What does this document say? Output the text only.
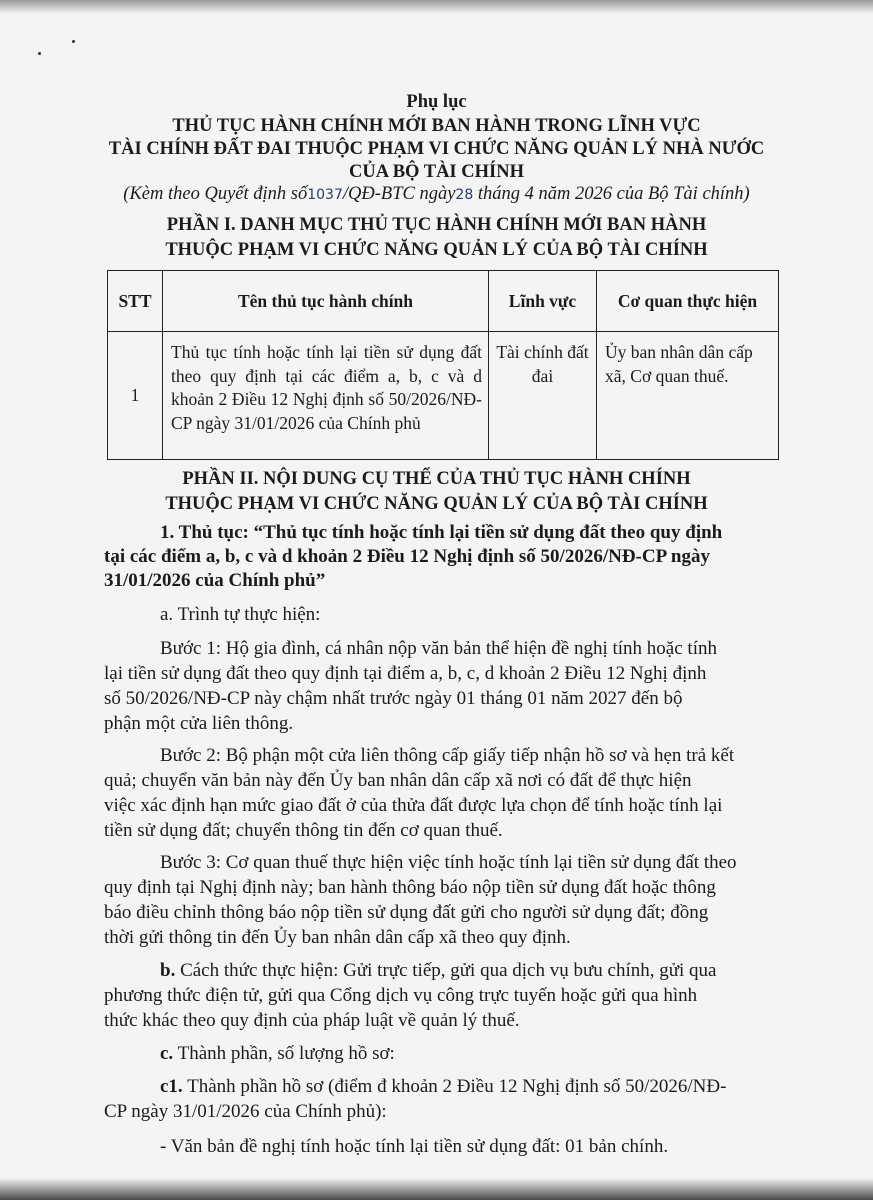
Phụ lục
THỦ TỤC HÀNH CHÍNH MỚI BAN HÀNH TRONG LĨNH VỰC
TÀI CHÍNH ĐẤT ĐAI THUỘC PHẠM VI CHỨC NĂNG QUẢN LÝ NHÀ NƯỚC
CỦA BỘ TÀI CHÍNH
(Kèm theo Quyết định số1037/QĐ-BTC ngày28 tháng 4 năm 2026 của Bộ Tài chính)
PHẦN I. DANH MỤC THỦ TỤC HÀNH CHÍNH MỚI BAN HÀNH
THUỘC PHẠM VI CHỨC NĂNG QUẢN LÝ CỦA BỘ TÀI CHÍNH
STT	Tên thủ tục hành chính	Lĩnh vực	Cơ quan thực hiện
1	Thủ tục tính hoặc tính lại tiền sử dụng đất theo quy định tại các điểm a, b, c và d khoản 2 Điều 12 Nghị định số 50/2026/NĐ-CP ngày 31/01/2026 của Chính phủ	Tài chính đất đai	Ủy ban nhân dân cấp xã, Cơ quan thuế.
PHẦN II. NỘI DUNG CỤ THỂ CỦA THỦ TỤC HÀNH CHÍNH
THUỘC PHẠM VI CHỨC NĂNG QUẢN LÝ CỦA BỘ TÀI CHÍNH
1. Thủ tục: “Thủ tục tính hoặc tính lại tiền sử dụng đất theo quy định
tại các điểm a, b, c và d khoản 2 Điều 12 Nghị định số 50/2026/NĐ-CP ngày
31/01/2026 của Chính phủ”
a. Trình tự thực hiện:
Bước 1: Hộ gia đình, cá nhân nộp văn bản thể hiện đề nghị tính hoặc tính
lại tiền sử dụng đất theo quy định tại điểm a, b, c, d khoản 2 Điều 12 Nghị định
số 50/2026/NĐ-CP này chậm nhất trước ngày 01 tháng 01 năm 2027 đến bộ
phận một cửa liên thông.
Bước 2: Bộ phận một cửa liên thông cấp giấy tiếp nhận hồ sơ và hẹn trả kết
quả; chuyển văn bản này đến Ủy ban nhân dân cấp xã nơi có đất để thực hiện
việc xác định hạn mức giao đất ở của thửa đất được lựa chọn để tính hoặc tính lại
tiền sử dụng đất; chuyển thông tin đến cơ quan thuế.
Bước 3: Cơ quan thuế thực hiện việc tính hoặc tính lại tiền sử dụng đất theo
quy định tại Nghị định này; ban hành thông báo nộp tiền sử dụng đất hoặc thông
báo điều chỉnh thông báo nộp tiền sử dụng đất gửi cho người sử dụng đất; đồng
thời gửi thông tin đến Ủy ban nhân dân cấp xã theo quy định.
b. Cách thức thực hiện: Gửi trực tiếp, gửi qua dịch vụ bưu chính, gửi qua
phương thức điện tử, gửi qua Cổng dịch vụ công trực tuyến hoặc gửi qua hình
thức khác theo quy định của pháp luật về quản lý thuế.
c. Thành phần, số lượng hồ sơ:
c1. Thành phần hồ sơ (điểm đ khoản 2 Điều 12 Nghị định số 50/2026/NĐ-
CP ngày 31/01/2026 của Chính phủ):
- Văn bản đề nghị tính hoặc tính lại tiền sử dụng đất: 01 bản chính.
